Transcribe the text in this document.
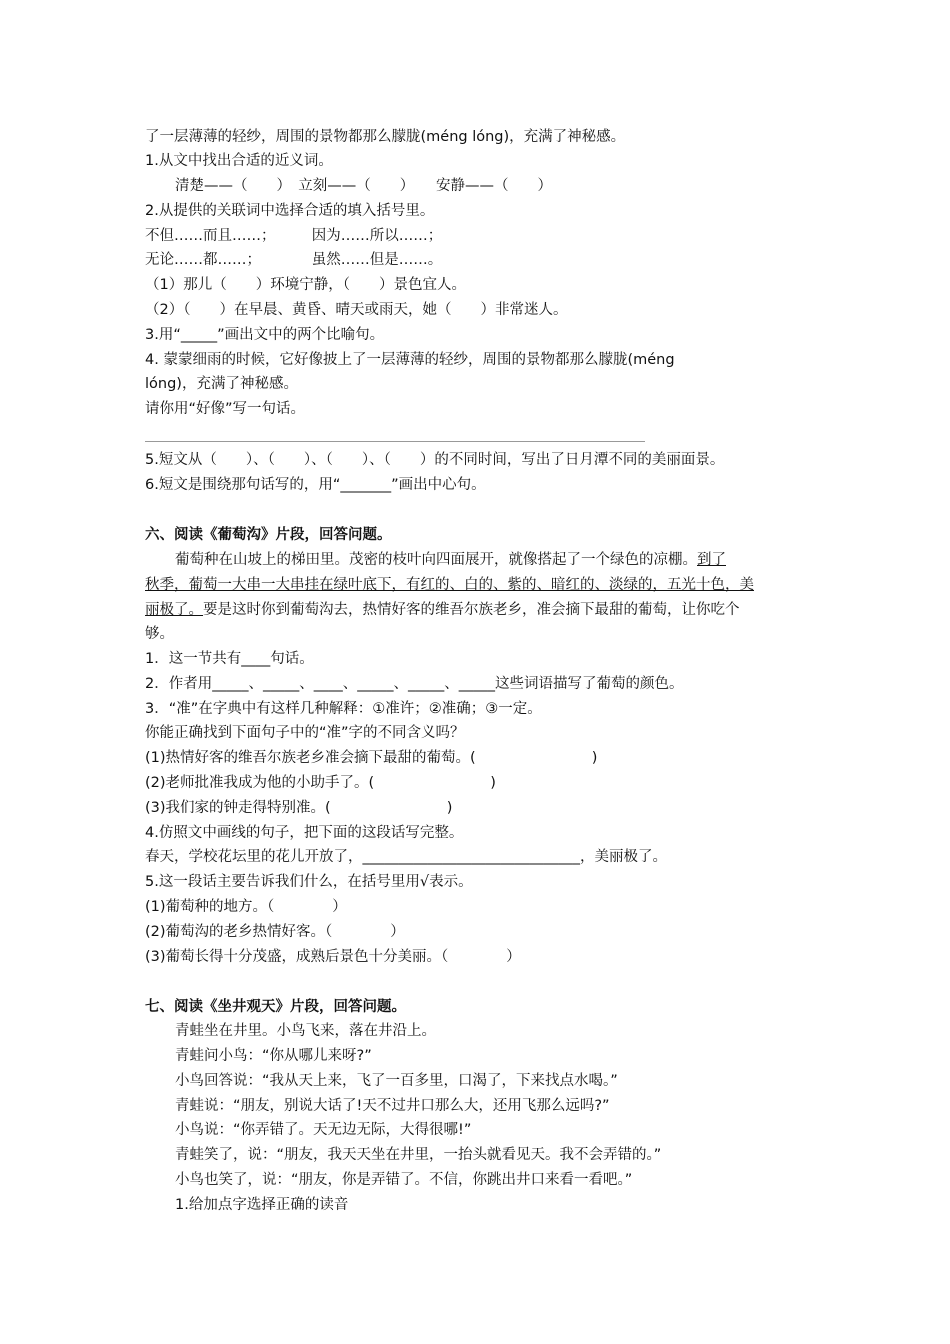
了一层薄薄的轻纱，周围的景物都那么朦胧(méng lóng)，充满了神秘感。
1.从文中找出合适的近义词。
清楚——（　　）　立刻——（　　）　　安静——（　　）
2.从提供的关联词中选择合适的填入括号里。
不但……而且……；　　　因为……所以……；
无论……都……；　　　　虽然……但是……。
（1）那儿（　　）环境宁静，（　　）景色宜人。
（2）（　　）在早晨、黄昏、晴天或雨天，她（　　）非常迷人。
3.用“_____”画出文中的两个比喻句。
4. 蒙蒙细雨的时候，它好像披上了一层薄薄的轻纱，周围的景物都那么朦胧(méng
lóng)，充满了神秘感。
请你用“好像”写一句话。
5.短文从（　　）、（　　）、（　　）、（　　）的不同时间，写出了日月潭不同的美丽面景。
6.短文是围绕那句话写的，用“_______”画出中心句。
六、阅读《葡萄沟》片段，回答问题。
葡萄种在山坡上的梯田里。茂密的枝叶向四面展开，就像搭起了一个绿色的凉棚。到了
秋季，葡萄一大串一大串挂在绿叶底下，有红的、白的、紫的、暗红的、淡绿的，五光十色，美
丽极了。要是这时你到葡萄沟去，热情好客的维吾尔族老乡，准会摘下最甜的葡萄，让你吃个
够。
1．这一节共有____句话。
2．作者用_____、_____、____、_____、_____、_____这些词语描写了葡萄的颜色。
3．“准”在字典中有这样几种解释：①准许；②准确；③一定。
你能正确找到下面句子中的“准”字的不同含义吗？
(1)热情好客的维吾尔族老乡准会摘下最甜的葡萄。(　　　　　　　　)
(2)老师批准我成为他的小助手了。(　　　　　　　　)
(3)我们家的钟走得特别准。(　　　　　　　　)
4.仿照文中画线的句子，把下面的这段话写完整。
春天，学校花坛里的花儿开放了，______________________________，美丽极了。
5.这一段话主要告诉我们什么，在括号里用√表示。
(1)葡萄种的地方。（　　　　）
(2)葡萄沟的老乡热情好客。（　　　　）
(3)葡萄长得十分茂盛，成熟后景色十分美丽。（　　　　）
七、阅读《坐井观天》片段，回答问题。
青蛙坐在井里。小鸟飞来，落在井沿上。
青蛙问小鸟：“你从哪儿来呀?”
小鸟回答说：“我从天上来，飞了一百多里，口渴了，下来找点水喝。”
青蛙说：“朋友，别说大话了!天不过井口那么大，还用飞那么远吗?”
小鸟说：“你弄错了。天无边无际，大得很哪!”
青蛙笑了，说：“朋友，我天天坐在井里，一抬头就看见天。我不会弄错的。”
小鸟也笑了，说：“朋友，你是弄错了。不信，你跳出井口来看一看吧。”
1.给加点字选择正确的读音
